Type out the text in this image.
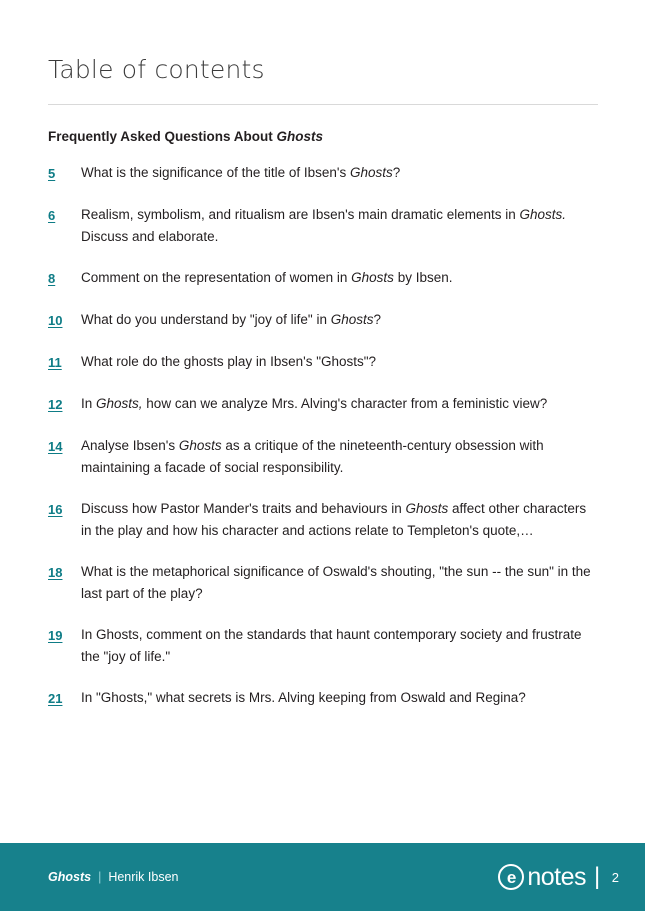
Table of contents
Frequently Asked Questions About Ghosts
5	What is the significance of the title of Ibsen's Ghosts?
6	Realism, symbolism, and ritualism are Ibsen's main dramatic elements in Ghosts. Discuss and elaborate.
8	Comment on the representation of women in Ghosts by Ibsen.
10	What do you understand by "joy of life" in Ghosts?
11	What role do the ghosts play in Ibsen's "Ghosts"?
12	In Ghosts, how can we analyze Mrs. Alving's character from a feministic view?
14	Analyse Ibsen's Ghosts as a critique of the nineteenth-century obsession with maintaining a facade of social responsibility.
16	Discuss how Pastor Mander's traits and behaviours in Ghosts affect other characters in the play and how his character and actions relate to Templeton's quote,…
18	What is the metaphorical significance of Oswald's shouting, "the sun -- the sun" in the last part of the play?
19	In Ghosts, comment on the standards that haunt contemporary society and frustrate the "joy of life."
21	In "Ghosts," what secrets is Mrs. Alving keeping from Oswald and Regina?
Ghosts | Henrik Ibsen	e notes | 2
